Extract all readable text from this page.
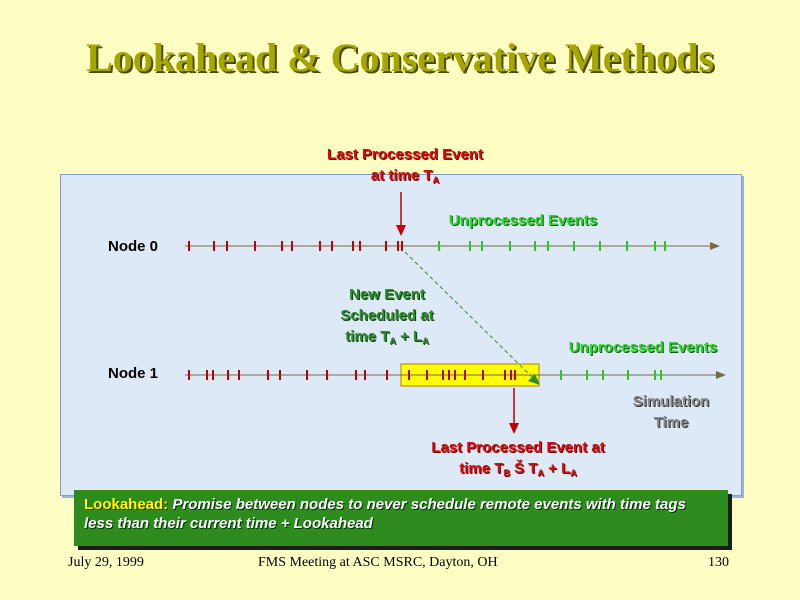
Lookahead & Conservative Methods
Last Processed Event
at time $T_A$
Unprocessed Events
Node 0
New Event
Scheduled at
time $T_A + L_A$	Unprocessed Events
Node 1
Simulation
Time
Last Processed Event at
time $T_B$ Š $T_A + L_A$
Lookahead: Promise between nodes to never schedule remote events with time tags less than their current time + Lookahead
July 29, 1999	FMS Meeting at ASC MSRC, Dayton, OH	130
